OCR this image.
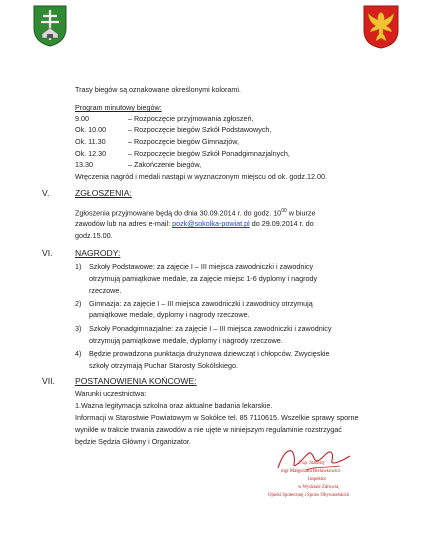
Trasy biegów są oznakowane określonymi kolorami.
Program minutowy biegów:
9.00	– Rozpoczęcie przyjmowania zgłoszeń,
Ok. 10.00	– Rozpoczęcie biegów Szkół Podstawowych,
Ok. 11.30	– Rozpoczęcie biegów Gimnazjów,
Ok. 12.30	– Rozpoczęcie biegów Szkół Ponadgimnazjalnych,
13.30	– Zakończenie biegów,
Wręczenia nagród i medali nastąpi w wyznaczonym miejscu od ok. godz.12.00.
V.	ZGŁOSZENIA:
Zgłoszenia przyjmowane będą do dnia 30.09.2014 r. do godz. $10^{00}$ w biurze
zawodów lub na adres e-mail: pozk@sokolka-powiat.pl do 29.09.2014 r. do
godz.15.00.
VI.	NAGRODY:
1) Szkoły Podstawowe: za zajęcie I – III miejsca zawodniczki i zawodnicy
otrzymują pamiątkowe medale, za zajęcie miejsc 1-6 dyplomy i nagrody
rzeczowe.
2) Gimnazja: za zajęcie I – III miejsca zawodniczki i zawodnicy otrzymują
pamiątkowe medale, dyplomy i nagrody rzeczowe.
3) Szkoły Ponadgimnazjalne: za zajęcie I – III miejsca zawodniczki i zawodnicy
otrzymują pamiątkowe medale, dyplomy i nagrody rzeczowe.
4) Będzie prowadzona punktacja drużynowa dziewcząt i chłopców. Zwycięskie
szkoły otrzymają Puchar Starosty Sokólskiego.
VII. POSTANOWIENIA KOŃCOWE:
Warunki uczestnictwa:
1.Ważna legitymacja szkolna oraz aktualne badania lekarskie.
Informacji w Starostwie Powiatowym w Sokółce tel. 85 7110615. Wszelkie sprawy sporne
wynikłe w trakcie trwania zawodów a nie ujęte w niniejszym regulaminie rozstrzygać
będzie Sędzia Główny i Organizator.
Z up. Starosty
mgr Małgorzata Bielawkowicz
Inspektor
w Wydziale Zdrowia,
Opieki Społecznej i Spraw Obywatelskich
